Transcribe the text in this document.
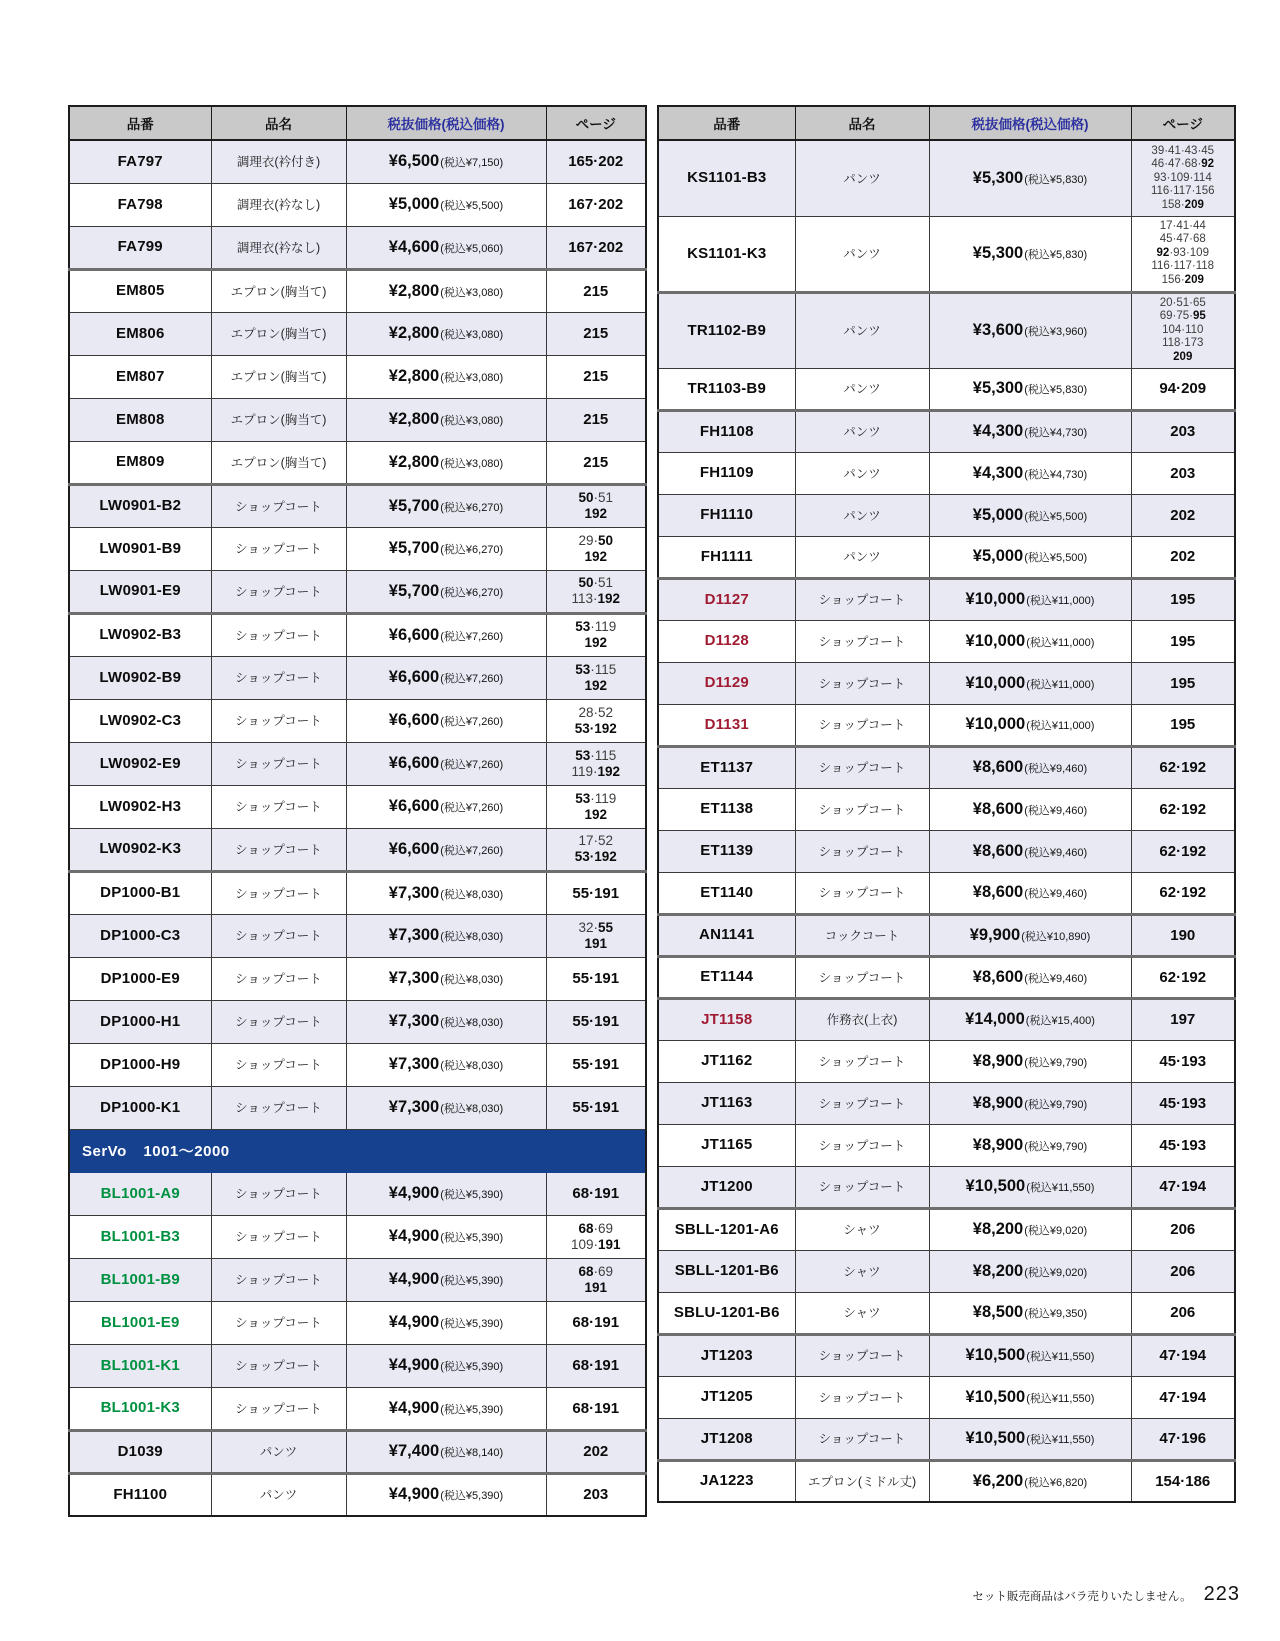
品番	品名	税抜価格(税込価格)	ページ
FA797	調理衣(衿付き)	¥6,500(税込¥7,150)	165·202

FA798	調理衣(衿なし)	¥5,000(税込¥5,500)	167·202

FA799	調理衣(衿なし)	¥4,600(税込¥5,060)	167·202

EM805	エプロン(胸当て)	¥2,800(税込¥3,080)	215

EM806	エプロン(胸当て)	¥2,800(税込¥3,080)	215

EM807	エプロン(胸当て)	¥2,800(税込¥3,080)	215

EM808	エプロン(胸当て)	¥2,800(税込¥3,080)	215

EM809	エプロン(胸当て)	¥2,800(税込¥3,080)	215

LW0901-B2	ショップコート	¥5,700(税込¥6,270)	50·51
192

LW0901-B9	ショップコート	¥5,700(税込¥6,270)	29·50
192

LW0901-E9	ショップコート	¥5,700(税込¥6,270)	50·51
113·192

LW0902-B3	ショップコート	¥6,600(税込¥7,260)	53·119
192

LW0902-B9	ショップコート	¥6,600(税込¥7,260)	53·115
192

LW0902-C3	ショップコート	¥6,600(税込¥7,260)	28·52
53·192

LW0902-E9	ショップコート	¥6,600(税込¥7,260)	53·115
119·192

LW0902-H3	ショップコート	¥6,600(税込¥7,260)	53·119
192

LW0902-K3	ショップコート	¥6,600(税込¥7,260)	17·52
53·192

DP1000-B1	ショップコート	¥7,300(税込¥8,030)	55·191

DP1000-C3	ショップコート	¥7,300(税込¥8,030)	32·55
191

DP1000-E9	ショップコート	¥7,300(税込¥8,030)	55·191

DP1000-H1	ショップコート	¥7,300(税込¥8,030)	55·191

DP1000-H9	ショップコート	¥7,300(税込¥8,030)	55·191

DP1000-K1	ショップコート	¥7,300(税込¥8,030)	55·191

SerVo 1001〜2000			
BL1001-A9	ショップコート	¥4,900(税込¥5,390)	68·191

BL1001-B3	ショップコート	¥4,900(税込¥5,390)	68·69
109·191

BL1001-B9	ショップコート	¥4,900(税込¥5,390)	68·69
191

BL1001-E9	ショップコート	¥4,900(税込¥5,390)	68·191

BL1001-K1	ショップコート	¥4,900(税込¥5,390)	68·191

BL1001-K3	ショップコート	¥4,900(税込¥5,390)	68·191

D1039	パンツ	¥7,400(税込¥8,140)	202

FH1100	パンツ	¥4,900(税込¥5,390)	203
品番	品名	税抜価格(税込価格)	ページ
KS1101-B3	パンツ	¥5,300(税込¥5,830)	39·41·43·45
46·47·68·92
93·109·114
116·117·156
158·209

KS1101-K3	パンツ	¥5,300(税込¥5,830)	17·41·44
45·47·68
92·93·109
116·117·118
156·209

TR1102-B9	パンツ	¥3,600(税込¥3,960)	20·51·65
69·75·95
104·110
118·173
209

TR1103-B9	パンツ	¥5,300(税込¥5,830)	94·209

FH1108	パンツ	¥4,300(税込¥4,730)	203

FH1109	パンツ	¥4,300(税込¥4,730)	203

FH1110	パンツ	¥5,000(税込¥5,500)	202

FH1111	パンツ	¥5,000(税込¥5,500)	202

D1127	ショップコート	¥10,000(税込¥11,000)	195

D1128	ショップコート	¥10,000(税込¥11,000)	195

D1129	ショップコート	¥10,000(税込¥11,000)	195

D1131	ショップコート	¥10,000(税込¥11,000)	195

ET1137	ショップコート	¥8,600(税込¥9,460)	62·192

ET1138	ショップコート	¥8,600(税込¥9,460)	62·192

ET1139	ショップコート	¥8,600(税込¥9,460)	62·192

ET1140	ショップコート	¥8,600(税込¥9,460)	62·192

AN1141	コックコート	¥9,900(税込¥10,890)	190

ET1144	ショップコート	¥8,600(税込¥9,460)	62·192

JT1158	作務衣(上衣)	¥14,000(税込¥15,400)	197

JT1162	ショップコート	¥8,900(税込¥9,790)	45·193

JT1163	ショップコート	¥8,900(税込¥9,790)	45·193

JT1165	ショップコート	¥8,900(税込¥9,790)	45·193

JT1200	ショップコート	¥10,500(税込¥11,550)	47·194

SBLL-1201-A6	シャツ	¥8,200(税込¥9,020)	206

SBLL-1201-B6	シャツ	¥8,200(税込¥9,020)	206

SBLU-1201-B6	シャツ	¥8,500(税込¥9,350)	206

JT1203	ショップコート	¥10,500(税込¥11,550)	47·194

JT1205	ショップコート	¥10,500(税込¥11,550)	47·194

JT1208	ショップコート	¥10,500(税込¥11,550)	47·196

JA1223	エプロン(ミドル丈)	¥6,200(税込¥6,820)	154·186
セット販売商品はバラ売りいたしません。 223
